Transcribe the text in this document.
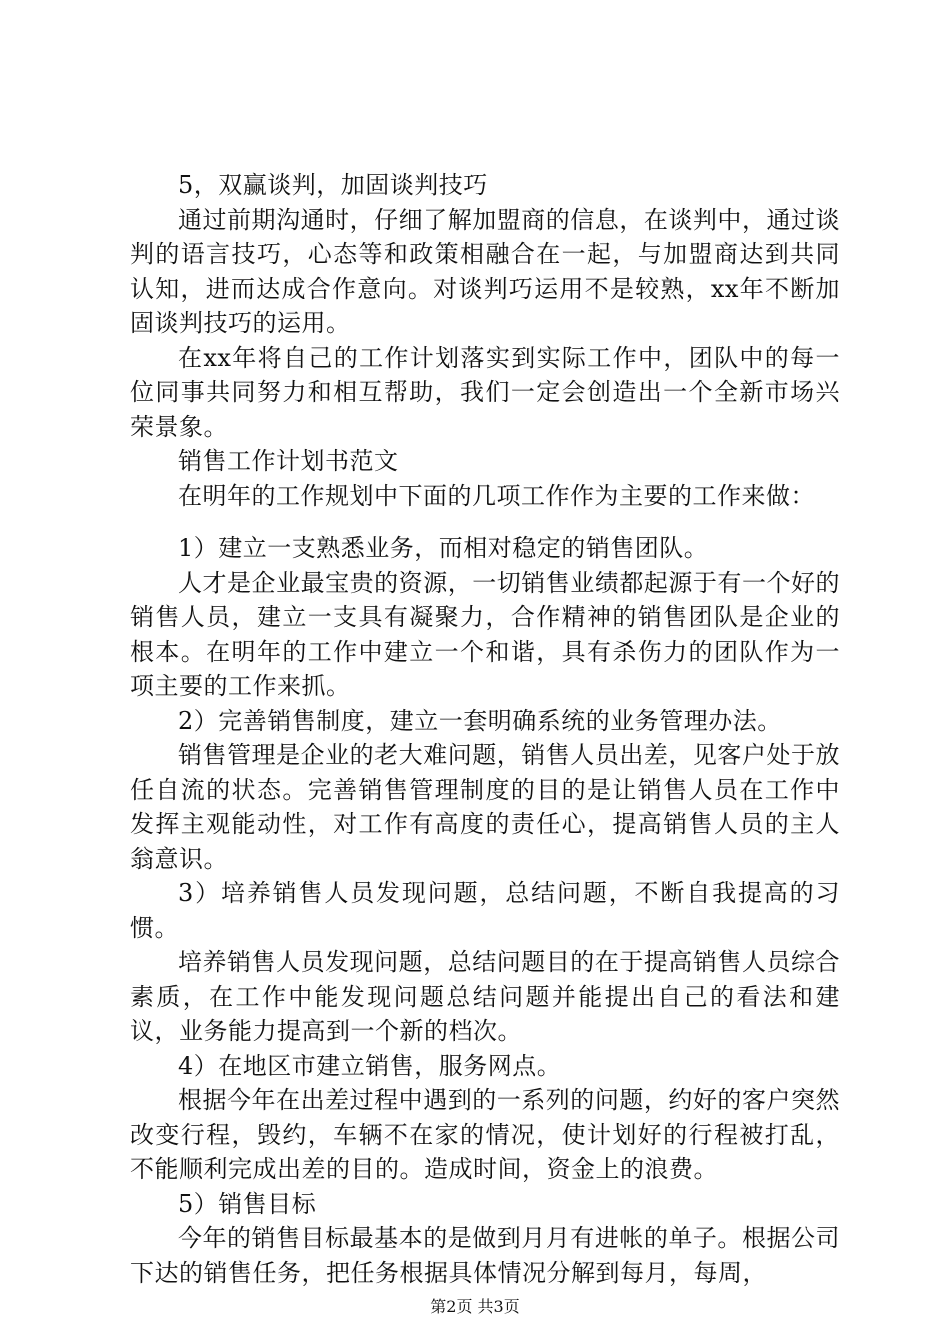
5，双赢谈判，加固谈判技巧

通过前期沟通时，仔细了解加盟商的信息，在谈判中，通过谈判的语言技巧，心态等和政策相融合在一起，与加盟商达到共同认知，进而达成合作意向。对谈判巧运用不是较熟，xx年不断加固谈判技巧的运用。

在xx年将自己的工作计划落实到实际工作中，团队中的每一位同事共同努力和相互帮助，我们一定会创造出一个全新市场兴荣景象。

销售工作计划书范文

在明年的工作规划中下面的几项工作作为主要的工作来做：

1）建立一支熟悉业务，而相对稳定的销售团队。

人才是企业最宝贵的资源，一切销售业绩都起源于有一个好的销售人员，建立一支具有凝聚力，合作精神的销售团队是企业的根本。在明年的工作中建立一个和谐，具有杀伤力的团队作为一项主要的工作来抓。

2）完善销售制度，建立一套明确系统的业务管理办法。

销售管理是企业的老大难问题，销售人员出差，见客户处于放任自流的状态。完善销售管理制度的目的是让销售人员在工作中发挥主观能动性，对工作有高度的责任心，提高销售人员的主人翁意识。

3）培养销售人员发现问题，总结问题，不断自我提高的习惯。

培养销售人员发现问题，总结问题目的在于提高销售人员综合素质，在工作中能发现问题总结问题并能提出自己的看法和建议，业务能力提高到一个新的档次。

4）在地区市建立销售，服务网点。

根据今年在出差过程中遇到的一系列的问题，约好的客户突然改变行程，毁约，车辆不在家的情况，使计划好的行程被打乱，不能顺利完成出差的目的。造成时间，资金上的浪费。

5）销售目标

今年的销售目标最基本的是做到月月有进帐的单子。根据公司下达的销售任务，把任务根据具体情况分解到每月，每周，

第2页 共3页
